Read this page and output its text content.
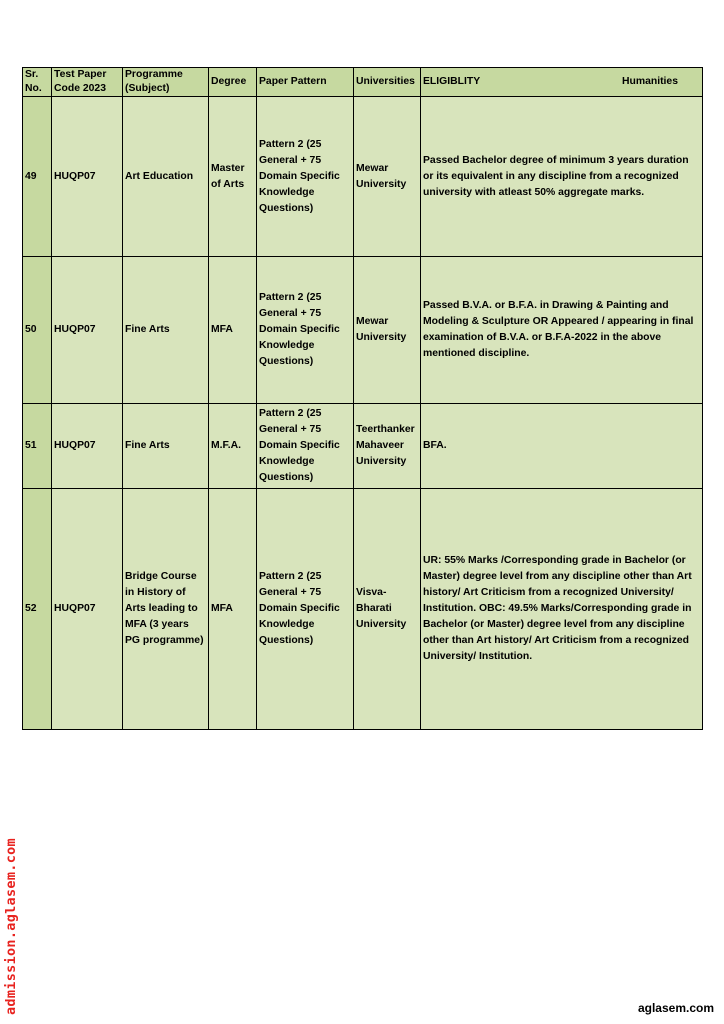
Sr. No.	Test Paper Code 2023	Programme (Subject)	Degree	Paper Pattern	Universities	ELIGIBLITY Humanities

49	HUQP07	Art Education	Master of Arts	Pattern 2 (25 General + 75 Domain Specific Knowledge Questions)	Mewar University	Passed Bachelor degree of minimum 3 years duration or its equivalent in any discipline from a recognized university with atleast 50% aggregate marks.
50	HUQP07	Fine Arts	MFA	Pattern 2 (25 General + 75 Domain Specific Knowledge Questions)	Mewar University	Passed B.V.A. or B.F.A. in Drawing & Painting and Modeling & Sculpture OR Appeared / appearing in final examination of B.V.A. or B.F.A-2022 in the above mentioned discipline.
51	HUQP07	Fine Arts	M.F.A.	Pattern 2 (25 General + 75 Domain Specific Knowledge Questions)	Teerthanker Mahaveer University	BFA.
52	HUQP07	Bridge Course in History of Arts leading to MFA (3 years PG programme)	MFA	Pattern 2 (25 General + 75 Domain Specific Knowledge Questions)	Visva-Bharati University	UR: 55% Marks /Corresponding grade in Bachelor (or Master) degree level from any discipline other than Art history/ Art Criticism from a recognized University/ Institution. OBC: 49.5% Marks/Corresponding grade in Bachelor (or Master) degree level from any discipline other than Art history/ Art Criticism from a recognized University/ Institution.
admission.aglasem.com	aglasem.com
